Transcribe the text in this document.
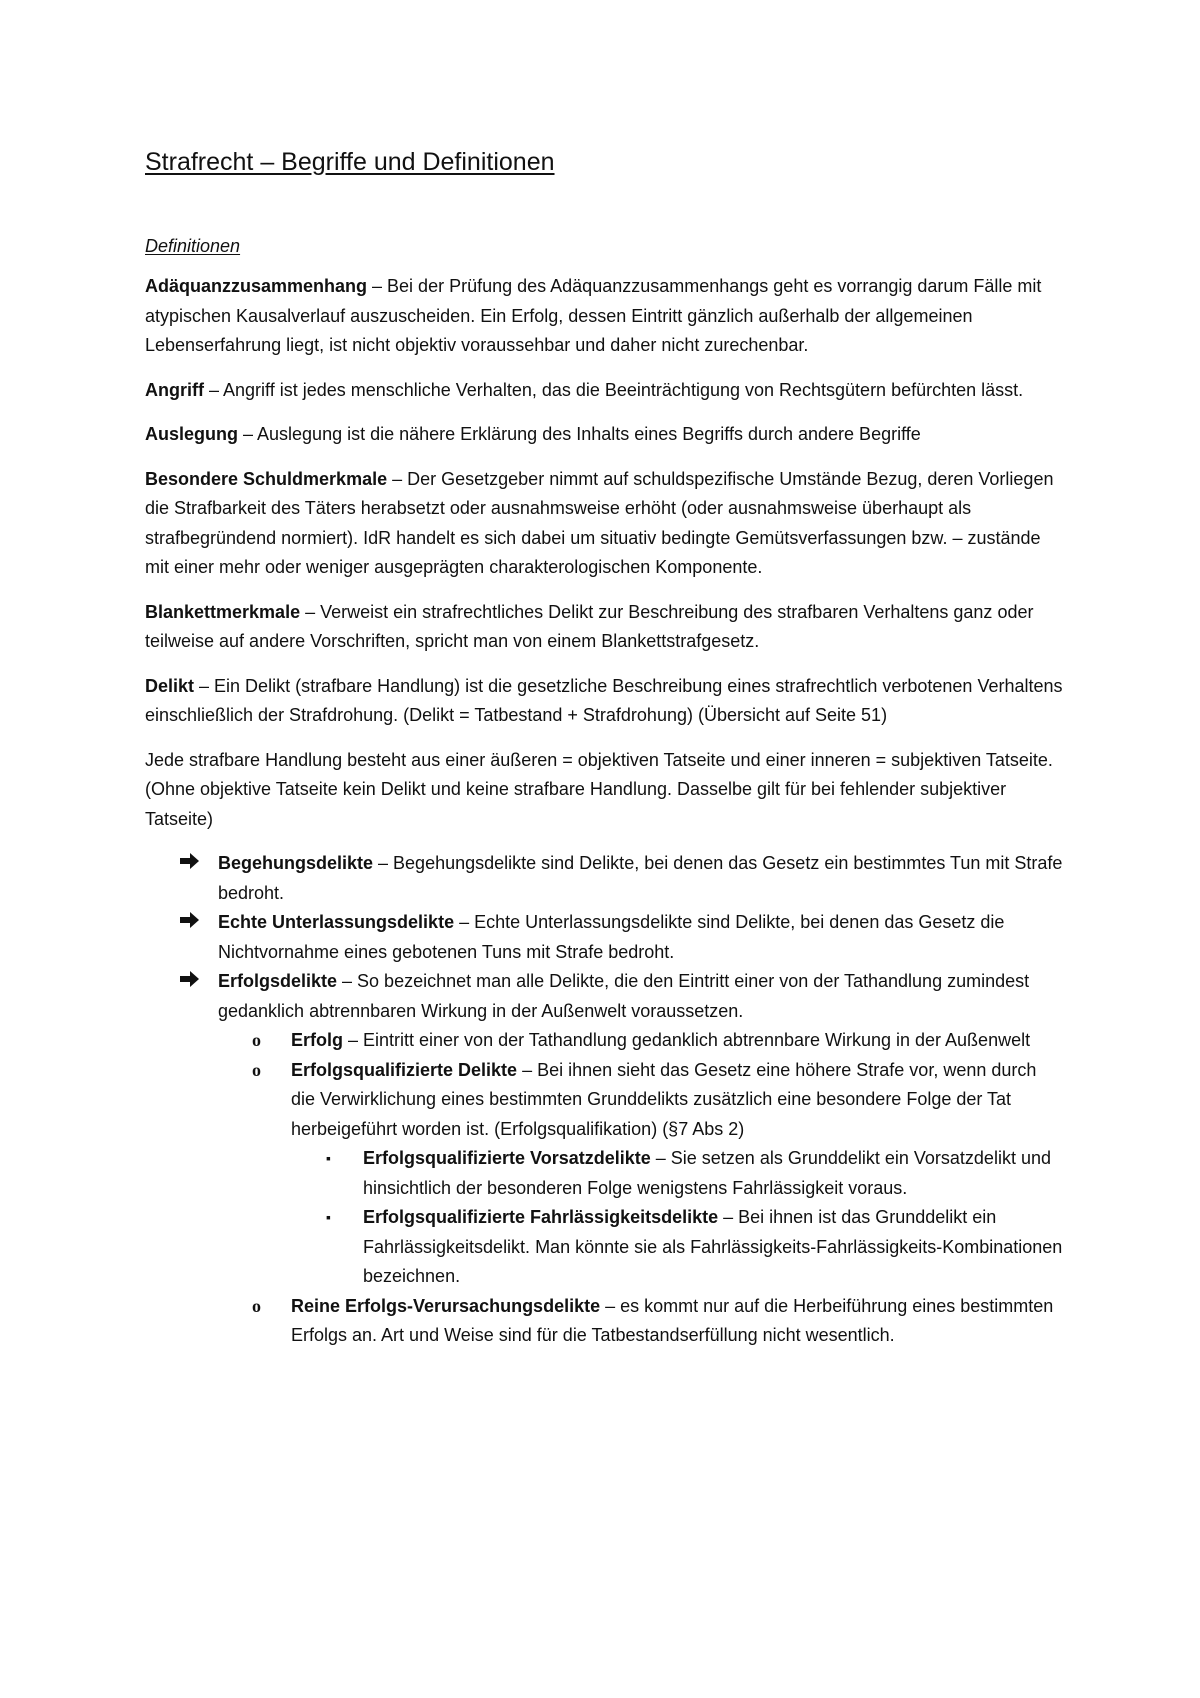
Strafrecht – Begriffe und Definitionen
Definitionen

Adäquanzzusammenhang – Bei der Prüfung des Adäquanzzusammenhangs geht es vorrangig darum Fälle mit atypischen Kausalverlauf auszuscheiden. Ein Erfolg, dessen Eintritt gänzlich außerhalb der allgemeinen Lebenserfahrung liegt, ist nicht objektiv voraussehbar und daher nicht zurechenbar.

Angriff – Angriff ist jedes menschliche Verhalten, das die Beeinträchtigung von Rechtsgütern befürchten lässt.

Auslegung – Auslegung ist die nähere Erklärung des Inhalts eines Begriffs durch andere Begriffe

Besondere Schuldmerkmale – Der Gesetzgeber nimmt auf schuldspezifische Umstände Bezug, deren Vorliegen die Strafbarkeit des Täters herabsetzt oder ausnahmsweise erhöht (oder ausnahmsweise überhaupt als strafbegründend normiert). IdR handelt es sich dabei um situativ bedingte Gemütsverfassungen bzw. – zustände mit einer mehr oder weniger ausgeprägten charakterologischen Komponente.

Blankettmerkmale – Verweist ein strafrechtliches Delikt zur Beschreibung des strafbaren Verhaltens ganz oder teilweise auf andere Vorschriften, spricht man von einem Blankettstrafgesetz.

Delikt – Ein Delikt (strafbare Handlung) ist die gesetzliche Beschreibung eines strafrechtlich verbotenen Verhaltens einschließlich der Strafdrohung. (Delikt = Tatbestand + Strafdrohung) (Übersicht auf Seite 51)

Jede strafbare Handlung besteht aus einer äußeren = objektiven Tatseite und einer inneren = subjektiven Tatseite. (Ohne objektive Tatseite kein Delikt und keine strafbare Handlung. Dasselbe gilt für bei fehlender subjektiver Tatseite)

Begehungsdelikte – Begehungsdelikte sind Delikte, bei denen das Gesetz ein bestimmtes Tun mit Strafe bedroht.
Echte Unterlassungsdelikte – Echte Unterlassungsdelikte sind Delikte, bei denen das Gesetz die Nichtvornahme eines gebotenen Tuns mit Strafe bedroht.
Erfolgsdelikte – So bezeichnet man alle Delikte, die den Eintritt einer von der Tathandlung zumindest gedanklich abtrennbaren Wirkung in der Außenwelt voraussetzen.
o Erfolg – Eintritt einer von der Tathandlung gedanklich abtrennbare Wirkung in der Außenwelt
o Erfolgsqualifizierte Delikte – Bei ihnen sieht das Gesetz eine höhere Strafe vor, wenn durch die Verwirklichung eines bestimmten Grunddelikts zusätzlich eine besondere Folge der Tat herbeigeführt worden ist. (Erfolgsqualifikation) (§7 Abs 2)
▪ Erfolgsqualifizierte Vorsatzdelikte – Sie setzen als Grunddelikt ein Vorsatzdelikt und hinsichtlich der besonderen Folge wenigstens Fahrlässigkeit voraus.
▪ Erfolgsqualifizierte Fahrlässigkeitsdelikte – Bei ihnen ist das Grunddelikt ein Fahrlässigkeitsdelikt. Man könnte sie als Fahrlässigkeits-Fahrlässigkeits-Kombinationen bezeichnen.
o Reine Erfolgs-Verursachungsdelikte – es kommt nur auf die Herbeiführung eines bestimmten Erfolgs an. Art und Weise sind für die Tatbestandserfüllung nicht wesentlich.
